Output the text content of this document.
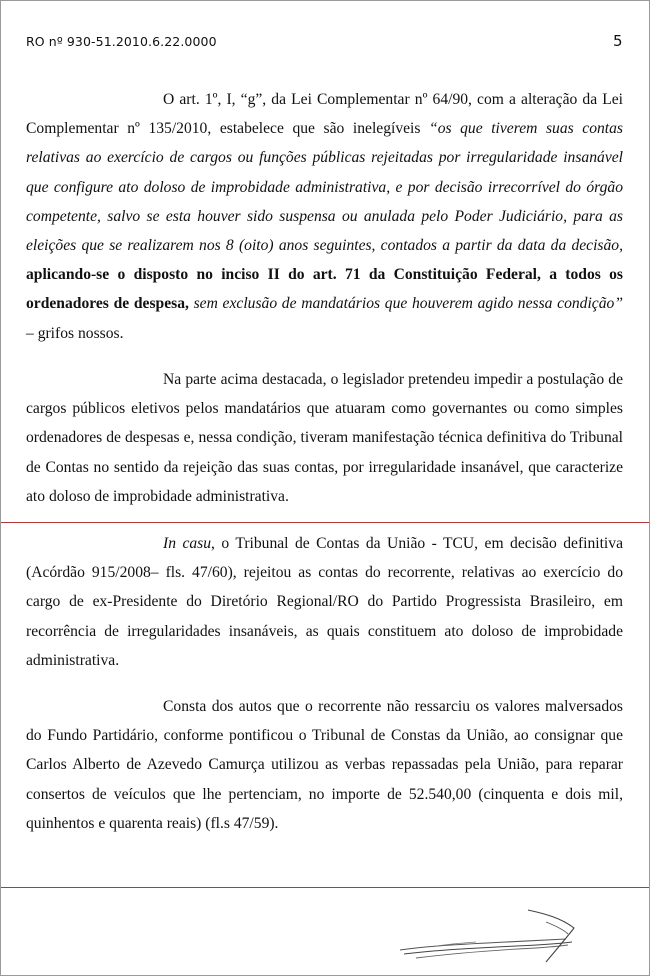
RO nº 930-51.2010.6.22.0000	5

O art. 1º, I, “g”, da Lei Complementar nº 64/90, com a alteração da Lei Complementar nº 135/2010, estabelece que são inelegíveis “os que tiverem suas contas relativas ao exercício de cargos ou funções públicas rejeitadas por irregularidade insanável que configure ato doloso de improbidade administrativa, e por decisão irrecorrível do órgão competente, salvo se esta houver sido suspensa ou anulada pelo Poder Judiciário, para as eleições que se realizarem nos 8 (oito) anos seguintes, contados a partir da data da decisão, aplicando-se o disposto no inciso II do art. 71 da Constituição Federal, a todos os ordenadores de despesa, sem exclusão de mandatários que houverem agido nessa condição” – grifos nossos.

Na parte acima destacada, o legislador pretendeu impedir a postulação de cargos públicos eletivos pelos mandatários que atuaram como governantes ou como simples ordenadores de despesas e, nessa condição, tiveram manifestação técnica definitiva do Tribunal de Contas no sentido da rejeição das suas contas, por irregularidade insanável, que caracterize ato doloso de improbidade administrativa.

In casu, o Tribunal de Contas da União - TCU, em decisão definitiva (Acórdão 915/2008– fls. 47/60), rejeitou as contas do recorrente, relativas ao exercício do cargo de ex-Presidente do Diretório Regional/RO do Partido Progressista Brasileiro, em recorrência de irregularidades insanáveis, as quais constituem ato doloso de improbidade administrativa.

Consta dos autos que o recorrente não ressarciu os valores malversados do Fundo Partidário, conforme pontificou o Tribunal de Constas da União, ao consignar que Carlos Alberto de Azevedo Camurça utilizou as verbas repassadas pela União, para reparar consertos de veículos que lhe pertenciam, no importe de 52.540,00 (cinquenta e dois mil, quinhentos e quarenta reais) (fl.s 47/59).
